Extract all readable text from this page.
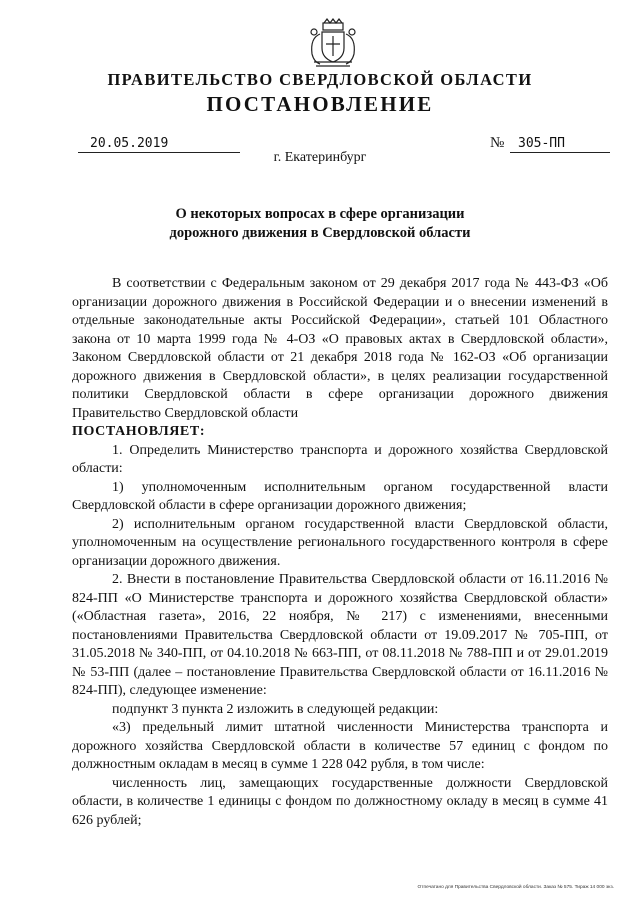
ПРАВИТЕЛЬСТВО СВЕРДЛОВСКОЙ ОБЛАСТИ
ПОСТАНОВЛЕНИЕ
20.05.2019	№	305-ПП
г. Екатеринбург
О некоторых вопросах в сфере организации
дорожного движения в Свердловской области

В соответствии с Федеральным законом от 29 декабря 2017 года № 443-ФЗ «Об организации дорожного движения в Российской Федерации и о внесении изменений в отдельные законодательные акты Российской Федерации», статьей 101 Областного закона от 10 марта 1999 года № 4-ОЗ «О правовых актах в Свердловской области», Законом Свердловской области от 21 декабря 2018 года № 162-ОЗ «Об организации дорожного движения в Свердловской области», в целях реализации государственной политики Свердловской области в сфере организации дорожного движения Правительство Свердловской области

ПОСТАНОВЛЯЕТ:

1. Определить Министерство транспорта и дорожного хозяйства Свердловской области:

1) уполномоченным исполнительным органом государственной власти Свердловской области в сфере организации дорожного движения;

2) исполнительным органом государственной власти Свердловской области, уполномоченным на осуществление регионального государственного контроля в сфере организации дорожного движения.

2. Внести в постановление Правительства Свердловской области от 16.11.2016 № 824-ПП «О Министерстве транспорта и дорожного хозяйства Свердловской области» («Областная газета», 2016, 22 ноября, № 217) с изменениями, внесенными постановлениями Правительства Свердловской области от 19.09.2017 № 705-ПП, от 31.05.2018 № 340-ПП, от 04.10.2018 № 663-ПП, от 08.11.2018 № 788-ПП и от 29.01.2019 № 53-ПП (далее – постановление Правительства Свердловской области от 16.11.2016 № 824-ПП), следующее изменение:

подпункт 3 пункта 2 изложить в следующей редакции:

«3) предельный лимит штатной численности Министерства транспорта и дорожного хозяйства Свердловской области в количестве 57 единиц с фондом по должностным окладам в месяц в сумме 1 228 042 рубля, в том числе:

численность лиц, замещающих государственные должности Свердловской области, в количестве 1 единицы с фондом по должностному окладу в месяц в сумме 41 626 рублей;

Отпечатано для Правительства Свердловской области. Заказ № 575. Тираж 14 000 экз.
